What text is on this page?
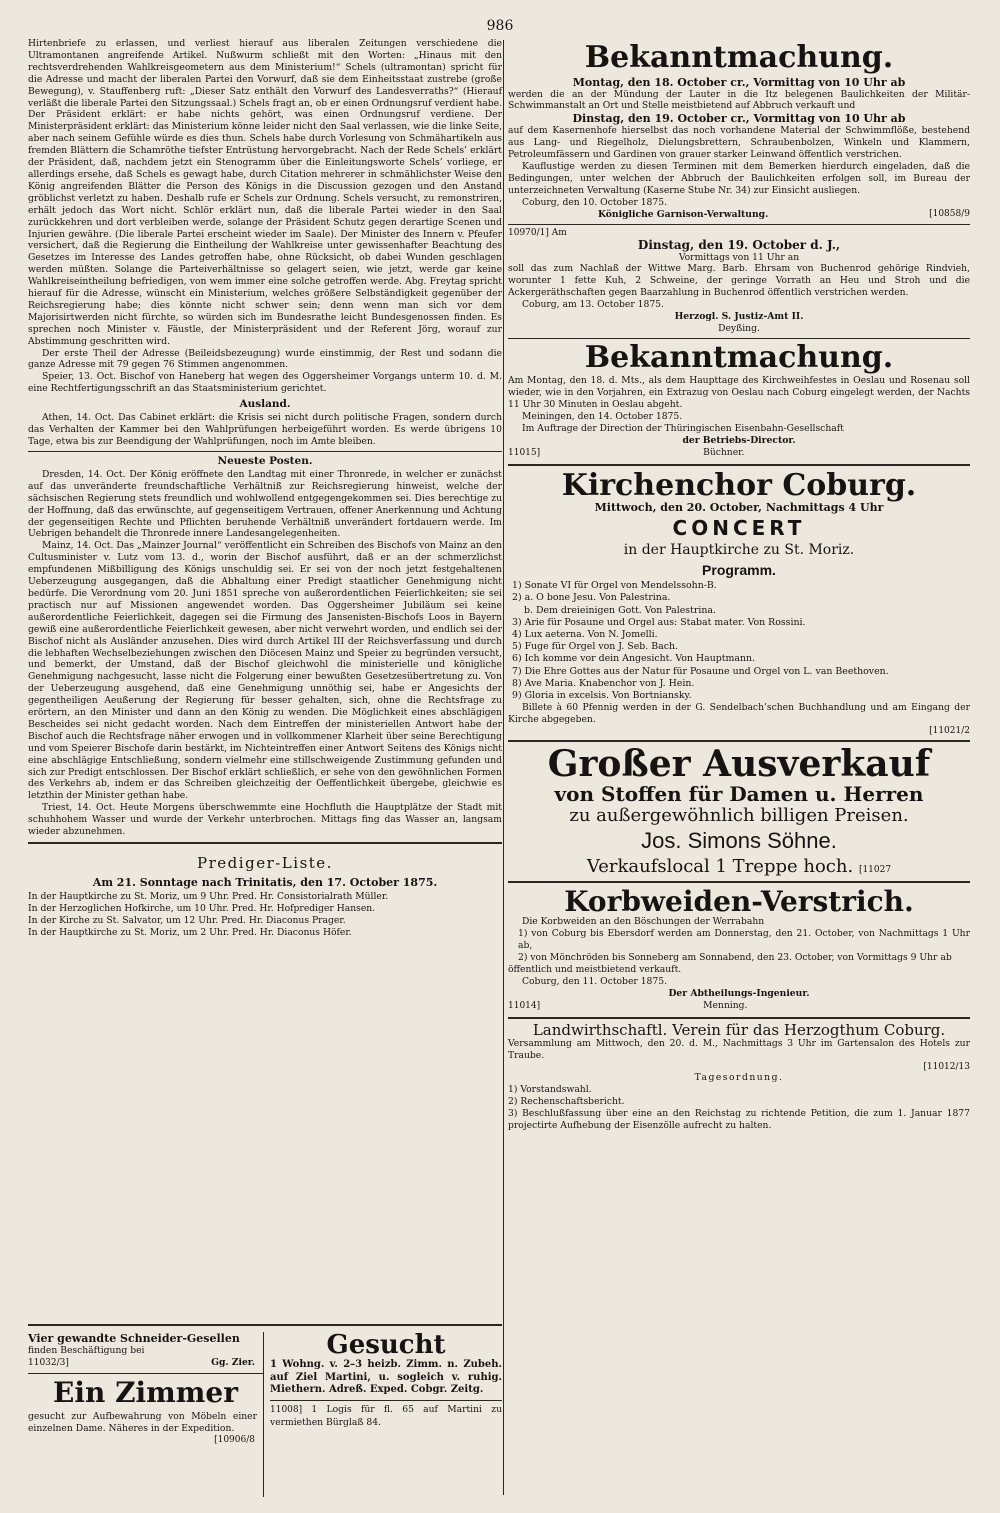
986

Hirtenbriefe zu erlassen, und verliest hierauf aus liberalen Zeitungen verschiedene die Ultramontanen angreifende Artikel. Nußwurm schließt mit den Worten: „Hinaus mit den rechtsverdrehenden Wahlkreisgeometern aus dem Ministerium!“ Schels (ultramontan) spricht für die Adresse und macht der liberalen Partei den Vorwurf, daß sie dem Einheitsstaat zustrebe (große Bewegung), v. Stauffenberg ruft: „Dieser Satz enthält den Vorwurf des Landesverraths?“ (Hierauf verläßt die liberale Partei den Sitzungssaal.) Schels fragt an, ob er einen Ordnungsruf verdient habe. Der Präsident erklärt: er habe nichts gehört, was einen Ordnungsruf verdiene. Der Ministerpräsident erklärt: das Ministerium könne leider nicht den Saal verlassen, wie die linke Seite, aber nach seinem Gefühle würde es dies thun. Schels habe durch Vorlesung von Schmähartikeln aus fremden Blättern die Schamröthe tiefster Entrüstung hervorgebracht. Nach der Rede Schels’ erklärt der Präsident, daß, nachdem jetzt ein Stenogramm über die Einleitungsworte Schels’ vorliege, er allerdings ersehe, daß Schels es gewagt habe, durch Citation mehrerer in schmählichster Weise den König angreifenden Blätter die Person des Königs in die Discussion gezogen und den Anstand gröblichst verletzt zu haben. Deshalb rufe er Schels zur Ordnung. Schels versucht, zu remonstriren, erhält jedoch das Wort nicht. Schlör erklärt nun, daß die liberale Partei wieder in den Saal zurückkehren und dort verbleiben werde, solange der Präsident Schutz gegen derartige Scenen und Injurien gewähre. (Die liberale Partei erscheint wieder im Saale). Der Minister des Innern v. Pfeufer versichert, daß die Regierung die Eintheilung der Wahlkreise unter gewissenhafter Beachtung des Gesetzes im Interesse des Landes getroffen habe, ohne Rücksicht, ob dabei Wunden geschlagen werden müßten. Solange die Parteiverhältnisse so gelagert seien, wie jetzt, werde gar keine Wahlkreiseintheilung befriedigen, von wem immer eine solche getroffen werde. Abg. Freytag spricht hierauf für die Adresse, wünscht ein Ministerium, welches größere Selbständigkeit gegenüber der Reichsregierung habe; dies könnte nicht schwer sein; denn wenn man sich vor dem Majorisirtwerden nicht fürchte, so würden sich im Bundesrathe leicht Bundesgenossen finden. Es sprechen noch Minister v. Fäustle, der Ministerpräsident und der Referent Jörg, worauf zur Abstimmung geschritten wird.

Der erste Theil der Adresse (Beileidsbezeugung) wurde einstimmig, der Rest und sodann die ganze Adresse mit 79 gegen 76 Stimmen angenommen.

Speier, 13. Oct. Bischof von Haneberg hat wegen des Oggersheimer Vorgangs unterm 10. d. M. eine Rechtfertigungsschrift an das Staatsministerium gerichtet.

Ausland.

Athen, 14. Oct. Das Cabinet erklärt: die Krisis sei nicht durch politische Fragen, sondern durch das Verhalten der Kammer bei den Wahlprüfungen herbeigeführt worden. Es werde übrigens 10 Tage, etwa bis zur Beendigung der Wahlprüfungen, noch im Amte bleiben.

Neueste Posten.

Dresden, 14. Oct. Der König eröffnete den Landtag mit einer Thronrede, in welcher er zunächst auf das unveränderte freundschaftliche Verhältniß zur Reichsregierung hinweist, welche der sächsischen Regierung stets freundlich und wohlwollend entgegengekommen sei. Dies berechtige zu der Hoffnung, daß das erwünschte, auf gegenseitigem Vertrauen, offener Anerkennung und Achtung der gegenseitigen Rechte und Pflichten beruhende Verhältniß unverändert fortdauern werde. Im Uebrigen behandelt die Thronrede innere Landesangelegenheiten.

Mainz, 14. Oct. Das „Mainzer Journal“ veröffentlicht ein Schreiben des Bischofs von Mainz an den Cultusminister v. Lutz vom 13. d., worin der Bischof ausführt, daß er an der schmerzlichst empfundenen Mißbilligung des Königs unschuldig sei. Er sei von der noch jetzt festgehaltenen Ueberzeugung ausgegangen, daß die Abhaltung einer Predigt staatlicher Genehmigung nicht bedürfe. Die Verordnung vom 20. Juni 1851 spreche von außerordentlichen Feierlichkeiten; sie sei practisch nur auf Missionen angewendet worden. Das Oggersheimer Jubiläum sei keine außerordentliche Feierlichkeit, dagegen sei die Firmung des Jansenisten-Bischofs Loos in Bayern gewiß eine außerordentliche Feierlichkeit gewesen, aber nicht verwehrt worden, und endlich sei der Bischof nicht als Ausländer anzusehen. Dies wird durch Artikel III der Reichsverfassung und durch die lebhaften Wechselbeziehungen zwischen den Diöcesen Mainz und Speier zu begründen versucht, und bemerkt, der Umstand, daß der Bischof gleichwohl die ministerielle und königliche Genehmigung nachgesucht, lasse nicht die Folgerung einer bewußten Gesetzesübertretung zu. Von der Ueberzeugung ausgehend, daß eine Genehmigung unnöthig sei, habe er Angesichts der gegentheiligen Aeußerung der Regierung für besser gehalten, sich, ohne die Rechtsfrage zu erörtern, an den Minister und dann an den König zu wenden. Die Möglichkeit eines abschlägigen Bescheides sei nicht gedacht worden. Nach dem Eintreffen der ministeriellen Antwort habe der Bischof auch die Rechtsfrage näher erwogen und in vollkommener Klarheit über seine Berechtigung und vom Speierer Bischofe darin bestärkt, im Nichteintreffen einer Antwort Seitens des Königs nicht eine abschlägige Entschließung, sondern vielmehr eine stillschweigende Zustimmung gefunden und sich zur Predigt entschlossen. Der Bischof erklärt schließlich, er sehe von den gewöhnlichen Formen des Verkehrs ab, indem er das Schreiben gleichzeitig der Oeffentlichkeit übergebe, gleichwie es letzthin der Minister gethan habe.

Triest, 14. Oct. Heute Morgens überschwemmte eine Hochfluth die Hauptplätze der Stadt mit schuhhohem Wasser und wurde der Verkehr unterbrochen. Mittags fing das Wasser an, langsam wieder abzunehmen.

Prediger-Liste.
Am 21. Sonntage nach Trinitatis, den 17. October 1875.

In der Hauptkirche zu St. Moriz, um 9 Uhr. Pred. Hr. Consistorialrath Müller.

In der Herzoglichen Hofkirche, um 10 Uhr. Pred. Hr. Hofprediger Hansen.

In der Kirche zu St. Salvator, um 12 Uhr. Pred. Hr. Diaconus Prager.

In der Hauptkirche zu St. Moriz, um 2 Uhr. Pred. Hr. Diaconus Höfer.

Vier gewandte Schneider-Gesellen
finden Beschäftigung bei
11032/3]	Gg. Zier.
Ein Zimmer
gesucht zur Aufbewahrung von Möbeln einer einzelnen Dame. Näheres in der Expedition.
[10906/8
Gesucht
1 Wohng. v. 2–3 heizb. Zimm. n. Zubeh. auf Ziel Martini, u. sogleich v. ruhig. Miethern. Adreß. Exped. Cobgr. Zeitg.
11008] 1 Logis für fl. 65 auf Martini zu vermiethen Bürglaß 84.
Bekanntmachung.
Montag, den 18. October cr., Vormittag von 10 Uhr ab

werden die an der Mündung der Lauter in die Itz belegenen Baulichkeiten der Militär-Schwimmanstalt an Ort und Stelle meistbietend auf Abbruch verkauft und

Dinstag, den 19. October cr., Vormittag von 10 Uhr ab

auf dem Kasernenhofe hierselbst das noch vorhandene Material der Schwimmflöße, bestehend aus Lang- und Riegelholz, Dielungsbrettern, Schraubenbolzen, Winkeln und Klammern, Petroleumfässern und Gardinen von grauer starker Leinwand öffentlich verstrichen.

Kauflustige werden zu diesen Terminen mit dem Bemerken hierdurch eingeladen, daß die Bedingungen, unter welchen der Abbruch der Baulichkeiten erfolgen soll, im Bureau der unterzeichneten Verwaltung (Kaserne Stube Nr. 34) zur Einsicht ausliegen.

Coburg, den 10. October 1875.

Königliche Garnison-Verwaltung.	[10858/9
10970/1] Am
Dinstag, den 19. October d. J.,
Vormittags von 11 Uhr an

soll das zum Nachlaß der Wittwe Marg. Barb. Ehrsam von Buchenrod gehörige Rindvieh, worunter 1 fette Kuh, 2 Schweine, der geringe Vorrath an Heu und Stroh und die Ackergeräthschaften gegen Baarzahlung in Buchenrod öffentlich verstrichen werden.

Coburg, am 13. October 1875.

Herzogl. S. Justiz-Amt II.
Deyßing.
Bekanntmachung.

Am Montag, den 18. d. Mts., als dem Haupttage des Kirchweihfestes in Oeslau und Rosenau soll wieder, wie in den Vorjahren, ein Extrazug von Oeslau nach Coburg eingelegt werden, der Nachts 11 Uhr 30 Minuten in Oeslau abgeht.

Meiningen, den 14. October 1875.

Im Auftrage der Direction der Thüringischen Eisenbahn-Gesellschaft

der Betriebs-Director.
11015]	Büchner.
Kirchenchor Coburg.
Mittwoch, den 20. October, Nachmittags 4 Uhr
CONCERT
in der Hauptkirche zu St. Moriz.
Programm.
1) Sonate VI für Orgel von Mendelssohn-B.
2) a. O bone Jesu. Von Palestrina.
b. Dem dreieinigen Gott. Von Palestrina.
3) Arie für Posaune und Orgel aus: Stabat mater. Von Rossini.
4) Lux aeterna. Von N. Jomelli.
5) Fuge für Orgel von J. Seb. Bach.
6) Ich komme vor dein Angesicht. Von Hauptmann.
7) Die Ehre Gottes aus der Natur für Posaune und Orgel von L. van Beethoven.
8) Ave Maria. Knabenchor von J. Hein.
9) Gloria in excelsis. Von Bortniansky.

Billete à 60 Pfennig werden in der G. Sendelbach’schen Buchhandlung und am Eingang der Kirche abgegeben.

[11021/2
Großer Ausverkauf
von Stoffen für Damen u. Herren
zu außergewöhnlich billigen Preisen.
Jos. Simons Söhne.
Verkaufslocal 1 Treppe hoch. [11027
Korbweiden-Verstrich.

Die Korbweiden an den Böschungen der Werrabahn

1) von Coburg bis Ebersdorf werden am Donnerstag, den 21. October, von Nachmittags 1 Uhr ab,

2) von Mönchröden bis Sonneberg am Sonnabend, den 23. October, von Vormittags 9 Uhr ab

öffentlich und meistbietend verkauft.

Coburg, den 11. October 1875.

Der Abtheilungs-Ingenieur.
11014]	Menning.
Landwirthschaftl. Verein für das Herzogthum Coburg.

Versammlung am Mittwoch, den 20. d. M., Nachmittags 3 Uhr im Gartensalon des Hotels zur Traube.

[11012/13
Tagesordnung.

1) Vorstandswahl.

2) Rechenschaftsbericht.

3) Beschlußfassung über eine an den Reichstag zu richtende Petition, die zum 1. Januar 1877 projectirte Aufhebung der Eisenzölle aufrecht zu halten.
